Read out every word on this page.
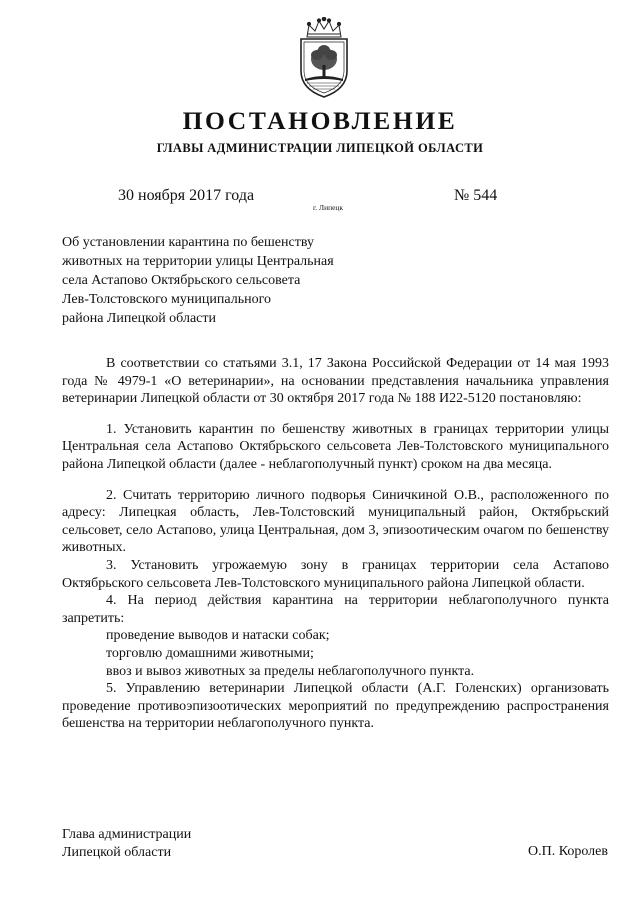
ПОСТАНОВЛЕНИЕ
ГЛАВЫ АДМИНИСТРАЦИИ ЛИПЕЦКОЙ ОБЛАСТИ
30 ноября 2017 года
г. Липецк
№ 544
Об установлении карантина по бешенству
животных на территории улицы Центральная
села Астапово Октябрьского сельсовета
Лев-Толстовского муниципального
района Липецкой области

В соответствии со статьями 3.1, 17 Закона Российской Федерации от 14 мая 1993 года № 4979-1 «О ветеринарии», на основании представления начальника управления ветеринарии Липецкой области от 30 октября 2017 года № 188 И22-5120 постановляю:

1. Установить карантин по бешенству животных в границах территории улицы Центральная села Астапово Октябрьского сельсовета Лев-Толстовского муниципального района Липецкой области (далее - неблагополучный пункт) сроком на два месяца.

2. Считать территорию личного подворья Синичкиной О.В., расположенного по адресу: Липецкая область, Лев-Толстовский муниципальный район, Октябрьский сельсовет, село Астапово, улица Центральная, дом 3, эпизоотическим очагом по бешенству животных.

3. Установить угрожаемую зону в границах территории села Астапово Октябрьского сельсовета Лев-Толстовского муниципального района Липецкой области.

4. На период действия карантина на территории неблагополучного пункта запретить:

проведение выводов и натаски собак;

торговлю домашними животными;

ввоз и вывоз животных за пределы неблагополучного пункта.

5. Управлению ветеринарии Липецкой области (А.Г. Голенских) организовать проведение противоэпизоотических мероприятий по предупреждению распространения бешенства на территории неблагополучного пункта.

Глава администрации
Липецкой области	О.П. Королев
